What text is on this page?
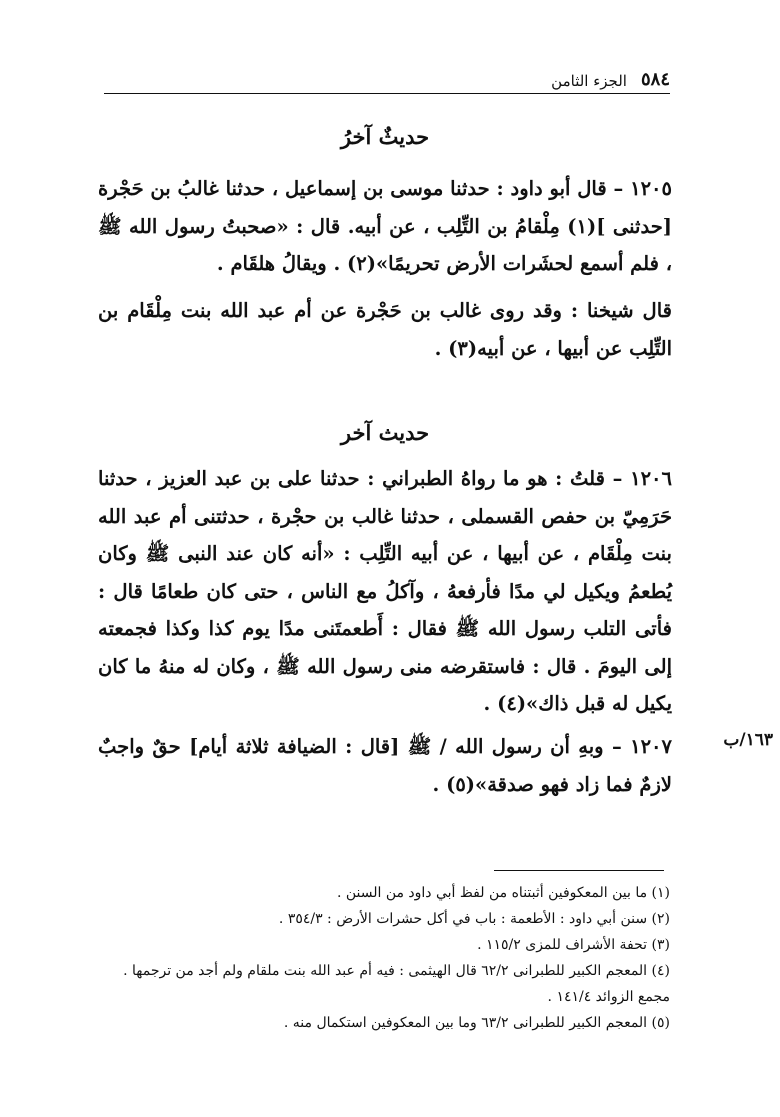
٥٨٤
الجزء الثامن
حديثٌ آخرُ

١٢٠٥ – قال أبو داود : حدثنا موسى بن إسماعيل ، حدثنا غالبُ بن حَجْرة [حدثنى ](١) مِلْقامُ بن التِّلِب ، عن أبيه. قال : «صحبتُ رسول الله ﷺ ، فلم أسمع لحشَرات الأرض تحريمًا»(٢) . ويقالُ هلقَام .

قال شيخنا : وقد روى غالب بن حَجْرة عن أم عبد الله بنت مِلْقَام بن التِّلِب عن أبيها ، عن أبيه(٣) .

حديث آخر

١٢٠٦ – قلتُ : هو ما رواهُ الطبراني : حدثنا على بن عبد العزيز ، حدثنا حَرَمِيّ بن حفص القسملى ، حدثنا غالب بن حجْرة ، حدثتنى أم عبد الله بنت مِلْقَام ، عن أبيها ، عن أبيه التِّلِب : «أنه كان عند النبى ﷺ وكان يُطعمُ ويكيل لي مدًا فأرفعهُ ، وآكلُ مع الناس ، حتى كان طعامًا قال : فأتى التلب رسول الله ﷺ فقال : أَطعمتَنى مدًا يوم كذا وكذا فجمعته إلى اليومَ . قال : فاستقرضه منى رسول الله ﷺ ، وكان له منهُ ما كان يكيل له قبل ذاك»(٤) .

١٢٠٧ – وبهِ أن رسول الله / ﷺ [قال : الضيافة ثلاثة أيام] حقٌ واجبٌ لازمٌ فما زاد فهو صدقة»(٥) .

١٦٣/ب

(١) ما بين المعكوفين أثبتناه من لفظ أبي داود من السنن .

(٢) سنن أبي داود : الأطعمة : باب في أكل حشرات الأرض : ٣٥٤/٣ .

(٣) تحفة الأشراف للمزى ١١٥/٢ .

(٤) المعجم الكبير للطبرانى ٦٢/٢ قال الهيثمى : فيه أم عبد الله بنت ملقام ولم أجد من ترجمها . مجمع الزوائد ١٤١/٤ .

(٥) المعجم الكبير للطبرانى ٦٣/٢ وما بين المعكوفين استكمال منه .
